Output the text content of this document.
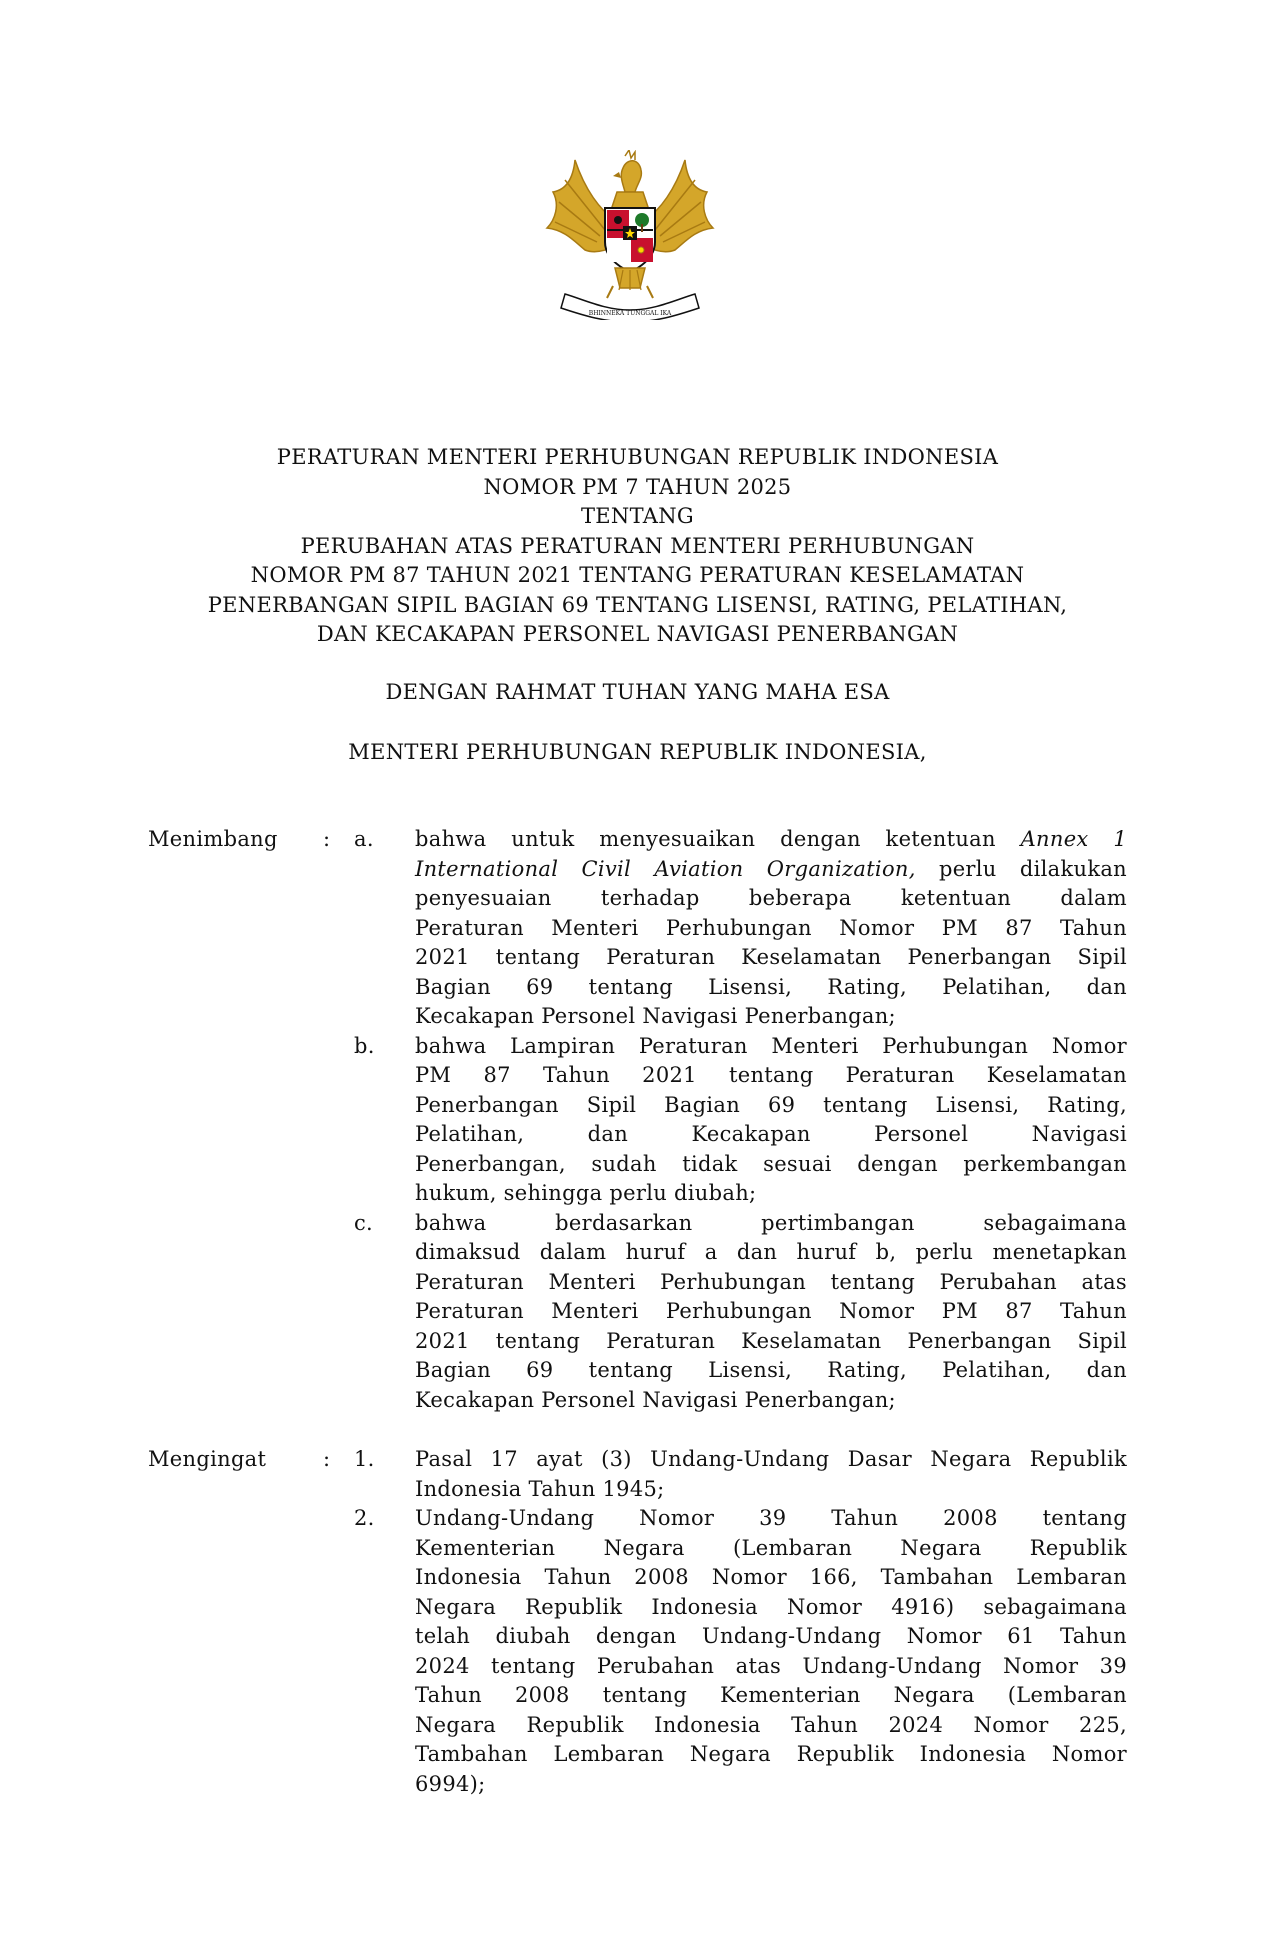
BHINNEKA TUNGGAL IKA
PERATURAN MENTERI PERHUBUNGAN REPUBLIK INDONESIA
NOMOR PM 7 TAHUN 2025
TENTANG
PERUBAHAN ATAS PERATURAN MENTERI PERHUBUNGAN
NOMOR PM 87 TAHUN 2021 TENTANG PERATURAN KESELAMATAN
PENERBANGAN SIPIL BAGIAN 69 TENTANG LISENSI, RATING, PELATIHAN,
DAN KECAKAPAN PERSONEL NAVIGASI PENERBANGAN
DENGAN RAHMAT TUHAN YANG MAHA ESA
MENTERI PERHUBUNGAN REPUBLIK INDONESIA,
Menimbang : a. bahwa untuk menyesuaikan dengan ketentuan Annex 1
International Civil Aviation Organization, perlu dilakukan
penyesuaian terhadap beberapa ketentuan dalam
Peraturan Menteri Perhubungan Nomor PM 87 Tahun
2021 tentang Peraturan Keselamatan Penerbangan Sipil
Bagian 69 tentang Lisensi, Rating, Pelatihan, dan
Kecakapan Personel Navigasi Penerbangan;
b. bahwa Lampiran Peraturan Menteri Perhubungan Nomor
PM 87 Tahun 2021 tentang Peraturan Keselamatan
Penerbangan Sipil Bagian 69 tentang Lisensi, Rating,
Pelatihan, dan Kecakapan Personel Navigasi
Penerbangan, sudah tidak sesuai dengan perkembangan
hukum, sehingga perlu diubah;
c. bahwa berdasarkan pertimbangan sebagaimana
dimaksud dalam huruf a dan huruf b, perlu menetapkan
Peraturan Menteri Perhubungan tentang Perubahan atas
Peraturan Menteri Perhubungan Nomor PM 87 Tahun
2021 tentang Peraturan Keselamatan Penerbangan Sipil
Bagian 69 tentang Lisensi, Rating, Pelatihan, dan
Kecakapan Personel Navigasi Penerbangan;
Mengingat	: 1. Pasal 17 ayat (3) Undang-Undang Dasar Negara Republik
Indonesia Tahun 1945;
2. Undang-Undang Nomor 39 Tahun 2008 tentang
Kementerian Negara (Lembaran Negara Republik
Indonesia Tahun 2008 Nomor 166, Tambahan Lembaran
Negara Republik Indonesia Nomor 4916) sebagaimana
telah diubah dengan Undang-Undang Nomor 61 Tahun
2024 tentang Perubahan atas Undang-Undang Nomor 39
Tahun 2008 tentang Kementerian Negara (Lembaran
Negara Republik Indonesia Tahun 2024 Nomor 225,
Tambahan Lembaran Negara Republik Indonesia Nomor
6994);
